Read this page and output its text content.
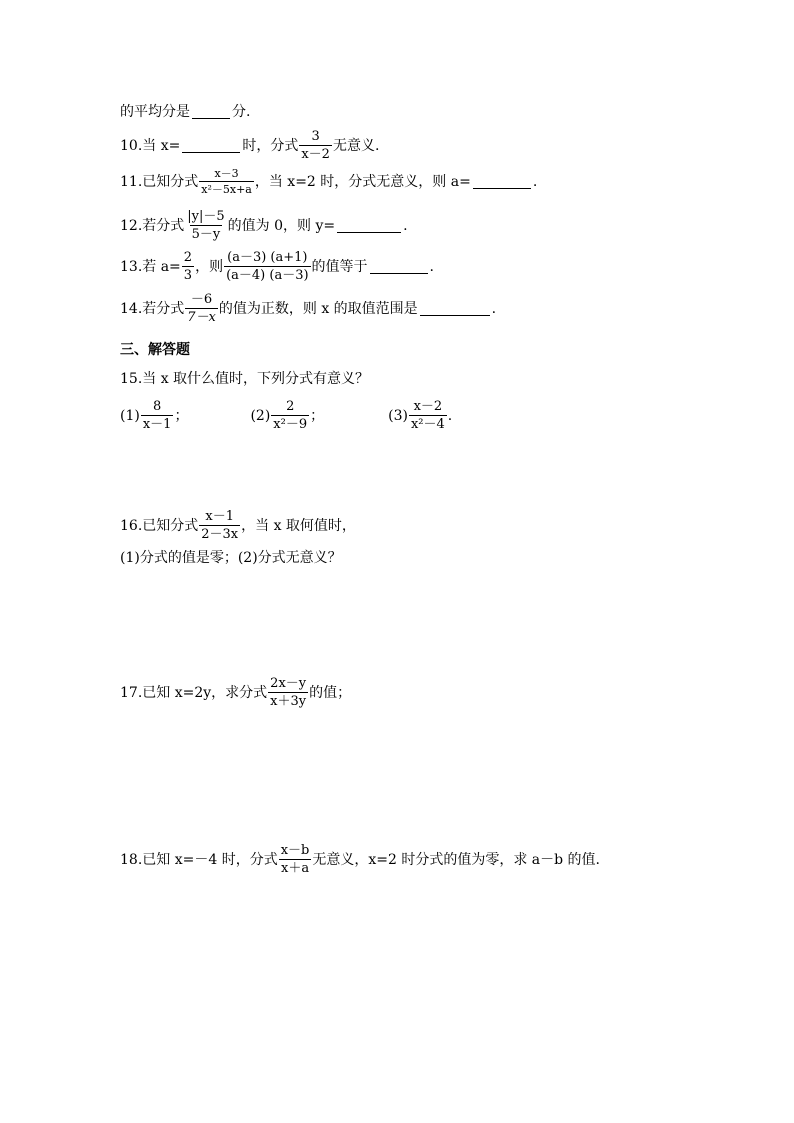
的平均分是	分.
10.当 x=	时，分式 $\frac{3}{x-2}$ 无意义.
11.已知分式 $\frac{x-3}{\text{x²－5x+a}}$ ，当 x=2 时，分式无意义，则 a=	.
12.若分式 $\frac{|y|-5}{5-y}$ 的值为 0，则 y=	.
13.若 $a= \frac{2}{3}$ ，则 $\frac{(a-3) (a+1)}{(a-4) (a-3)}$ 的值等于	.
14.若分式 $\frac{-6}{7-x}$ 的值为正数，则 x 的取值范围是	.
三、解答题
15.当 x 取什么值时，下列分式有意义？
$(1) \frac{8}{x-1}$ ；	$(2) \frac{2}{\text{x²－9}}$ ；	$(3) \frac{x-2}{\text{x²－4}}$ .
16.已知分式 $\frac{x-1}{2-3x}$ ，当 x 取何值时，
(1)分式的值是零；(2)分式无意义？
17.已知 x=2y，求分式 $\frac{2x-y}{x+3y}$ 的值；
18.已知 x=－4 时，分式 $\frac{x-b}{x+a}$ 无意义，x=2 时分式的值为零，求 a－b 的值.
